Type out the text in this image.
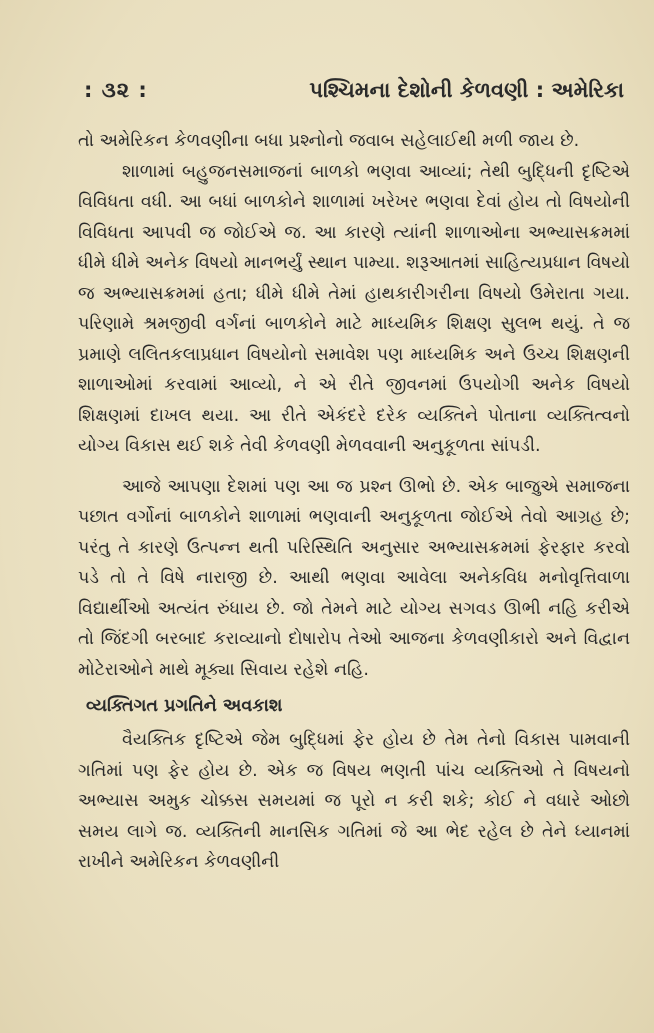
: ૩૨ :	પશ્ચિમના દેશોની કેળવણી : અમેરિકા

તો અમેરિકન કેળવણીના બધા પ્રશ્નોનો જવાબ સહેલાઈથી મળી જાય છે.

શાળામાં બહુજનસમાજનાં બાળકો ભણવા આવ્યાં; તેથી બુદ્ધિની દૃષ્ટિએ વિવિધતા વધી. આ બધાં બાળકોને શાળામાં ખરેખર ભણવા દેવાં હોય તો વિષયોની વિવિધતા આપવી જ જોઈએ જ. આ કારણે ત્યાંની શાળાઓના અભ્યાસક્રમમાં ધીમે ધીમે અનેક વિષયો માનભર્યું સ્થાન પામ્યા. શરૂઆતમાં સાહિત્યપ્રધાન વિષયો જ અભ્યાસક્રમમાં હતા; ધીમે ધીમે તેમાં હાથકારીગરીના વિષયો ઉમેરાતા ગયા. પરિણામે શ્રમજીવી વર્ગનાં બાળકોને માટે માધ્યમિક શિક્ષણ સુલભ થયું. તે જ પ્રમાણે લલિતકલાપ્રધાન વિષયોનો સમાવેશ પણ માધ્યમિક અને ઉચ્ચ શિક્ષણની શાળાઓમાં કરવામાં આવ્યો, ને એ રીતે જીવનમાં ઉપયોગી અનેક વિષયો શિક્ષણમાં દાખલ થયા. આ રીતે એકંદરે દરેક વ્યક્તિને પોતાના વ્યક્તિત્વનો યોગ્ય વિકાસ થઈ શકે તેવી કેળવણી મેળવવાની અનુકૂળતા સાંપડી.

આજે આપણા દેશમાં પણ આ જ પ્રશ્ન ઊભો છે. એક બાજુએ સમાજના પછાત વર્ગોનાં બાળકોને શાળામાં ભણવાની અનુકૂળતા જોઈએ તેવો આગ્રહ છે; પરંતુ તે કારણે ઉત્પન્ન થતી પરિસ્થિતિ અનુસાર અભ્યાસક્રમમાં ફેરફાર કરવો પડે તો તે વિષે નારાજી છે. આથી ભણવા આવેલા અનેકવિધ મનોવૃત્તિવાળા વિદ્યાર્થીઓ અત્યંત રુંધાય છે. જો તેમને માટે યોગ્ય સગવડ ઊભી નહિ કરીએ તો જિંદગી બરબાદ કરાવ્યાનો દોષારોપ તેઓ આજના કેળવણીકારો અને વિદ્વાન મોટેરાઓને માથે મૂક્યા સિવાય રહેશે નહિ.

વ્યક્તિગત પ્રગતિને અવકાશ

વૈયક્તિક દૃષ્ટિએ જેમ બુદ્ધિમાં ફેર હોય છે તેમ તેનો વિકાસ પામવાની ગતિમાં પણ ફેર હોય છે. એક જ વિષય ભણતી પાંચ વ્યક્તિઓ તે વિષયનો અભ્યાસ અમુક ચોક્કસ સમયમાં જ પૂરો ન કરી શકે; કોઈ ને વધારે ઓછો સમય લાગે જ. વ્યક્તિની માનસિક ગતિમાં જે આ ભેદ રહેલ છે તેને ધ્યાનમાં રાખીને અમેરિકન કેળવણીની
